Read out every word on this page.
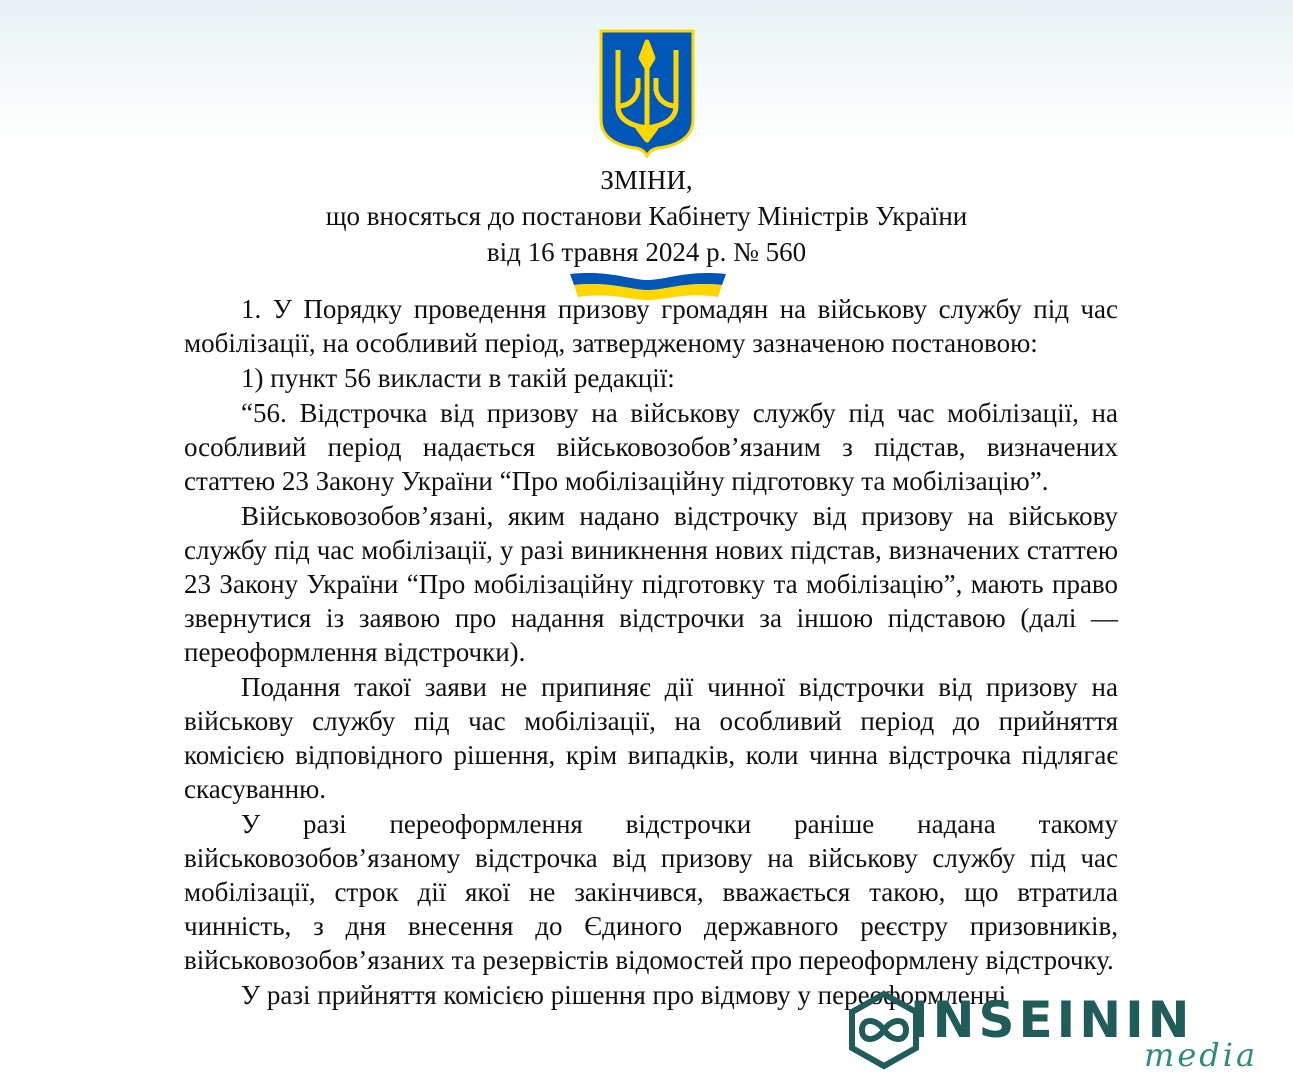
ЗМІНИ,
що вносяться до постанови Кабінету Міністрів України
від 16 травня 2024 р. № 560

1. У Порядку проведення призову громадян на військову службу під час мобілізації, на особливий період, затвердженому зазначеною постановою:

1) пункт 56 викласти в такій редакції:

“56. Відстрочка від призову на військову службу під час мобілізації, на особливий період надається військовозобов’язаним з підстав, визначених статтею 23 Закону України “Про мобілізаційну підготовку та мобілізацію”.

Військовозобов’язані, яким надано відстрочку від призову на військову службу під час мобілізації, у разі виникнення нових підстав, визначених статтею 23 Закону України “Про мобілізаційну підготовку та мобілізацію”, мають право звернутися із заявою про надання відстрочки за іншою підставою (далі — переоформлення відстрочки).

Подання такої заяви не припиняє дії чинної відстрочки від призову на військову службу під час мобілізації, на особливий період до прийняття комісією відповідного рішення, крім випадків, коли чинна відстрочка підлягає скасуванню.

У разі переоформлення відстрочки раніше надана такому військовозобов’язаному відстрочка від призову на військову службу під час мобілізації, строк дії якої не закінчився, вважається такою, що втратила чинність, з дня внесення до Єдиного державного реєстру призовників, військовозобов’язаних та резервістів відомостей про переоформлену відстрочку.

У разі прийняття комісією рішення про відмову у переоформленні

INSEININ
media
